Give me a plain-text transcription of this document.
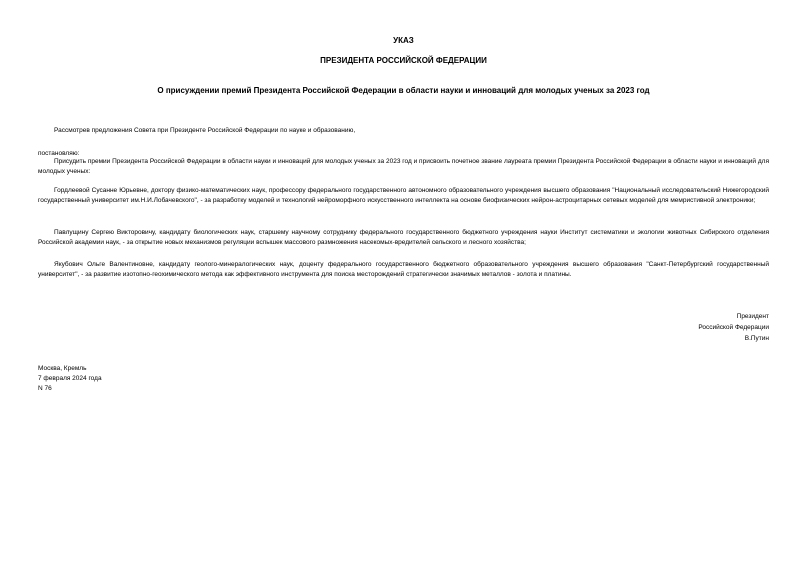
УКАЗ
ПРЕЗИДЕНТА РОССИЙСКОЙ ФЕДЕРАЦИИ
О присуждении премий Президента Российской Федерации в области науки и инноваций для молодых ученых за 2023 год
Рассмотрев предложения Совета при Президенте Российской Федерации по науке и образованию,
постановляю:
Присудить премии Президента Российской Федерации в области науки и инноваций для молодых ученых за 2023 год и присвоить почетное звание лауреата премии Президента Российской Федерации в области науки и инноваций для молодых ученых:
Гордлеевой Сусанне Юрьевне, доктору физико-математических наук, профессору федерального государственного автономного образовательного учреждения высшего образования "Национальный исследовательский Нижегородский государственный университет им.Н.И.Лобачевского", - за разработку моделей и технологий нейроморфного искусственного интеллекта на основе биофизических нейрон-астроцитарных сетевых моделей для мемристивной электроники;
Павлущину Сергею Викторовичу, кандидату биологических наук, старшему научному сотруднику федерального государственного бюджетного учреждения науки Институт систематики и экологии животных Сибирского отделения Российской академии наук, - за открытие новых механизмов регуляции вспышек массового размножения насекомых-вредителей сельского и лесного хозяйства;
Якубович Ольге Валентиновне, кандидату геолого-минералогических наук, доценту федерального государственного бюджетного образовательного учреждения высшего образования "Санкт-Петербургский государственный университет", - за развитие изотопно-геохимического метода как эффективного инструмента для поиска месторождений стратегически значимых металлов - золота и платины.
Президент
Российской Федерации
В.Путин
Москва, Кремль
7 февраля 2024 года
N 76
